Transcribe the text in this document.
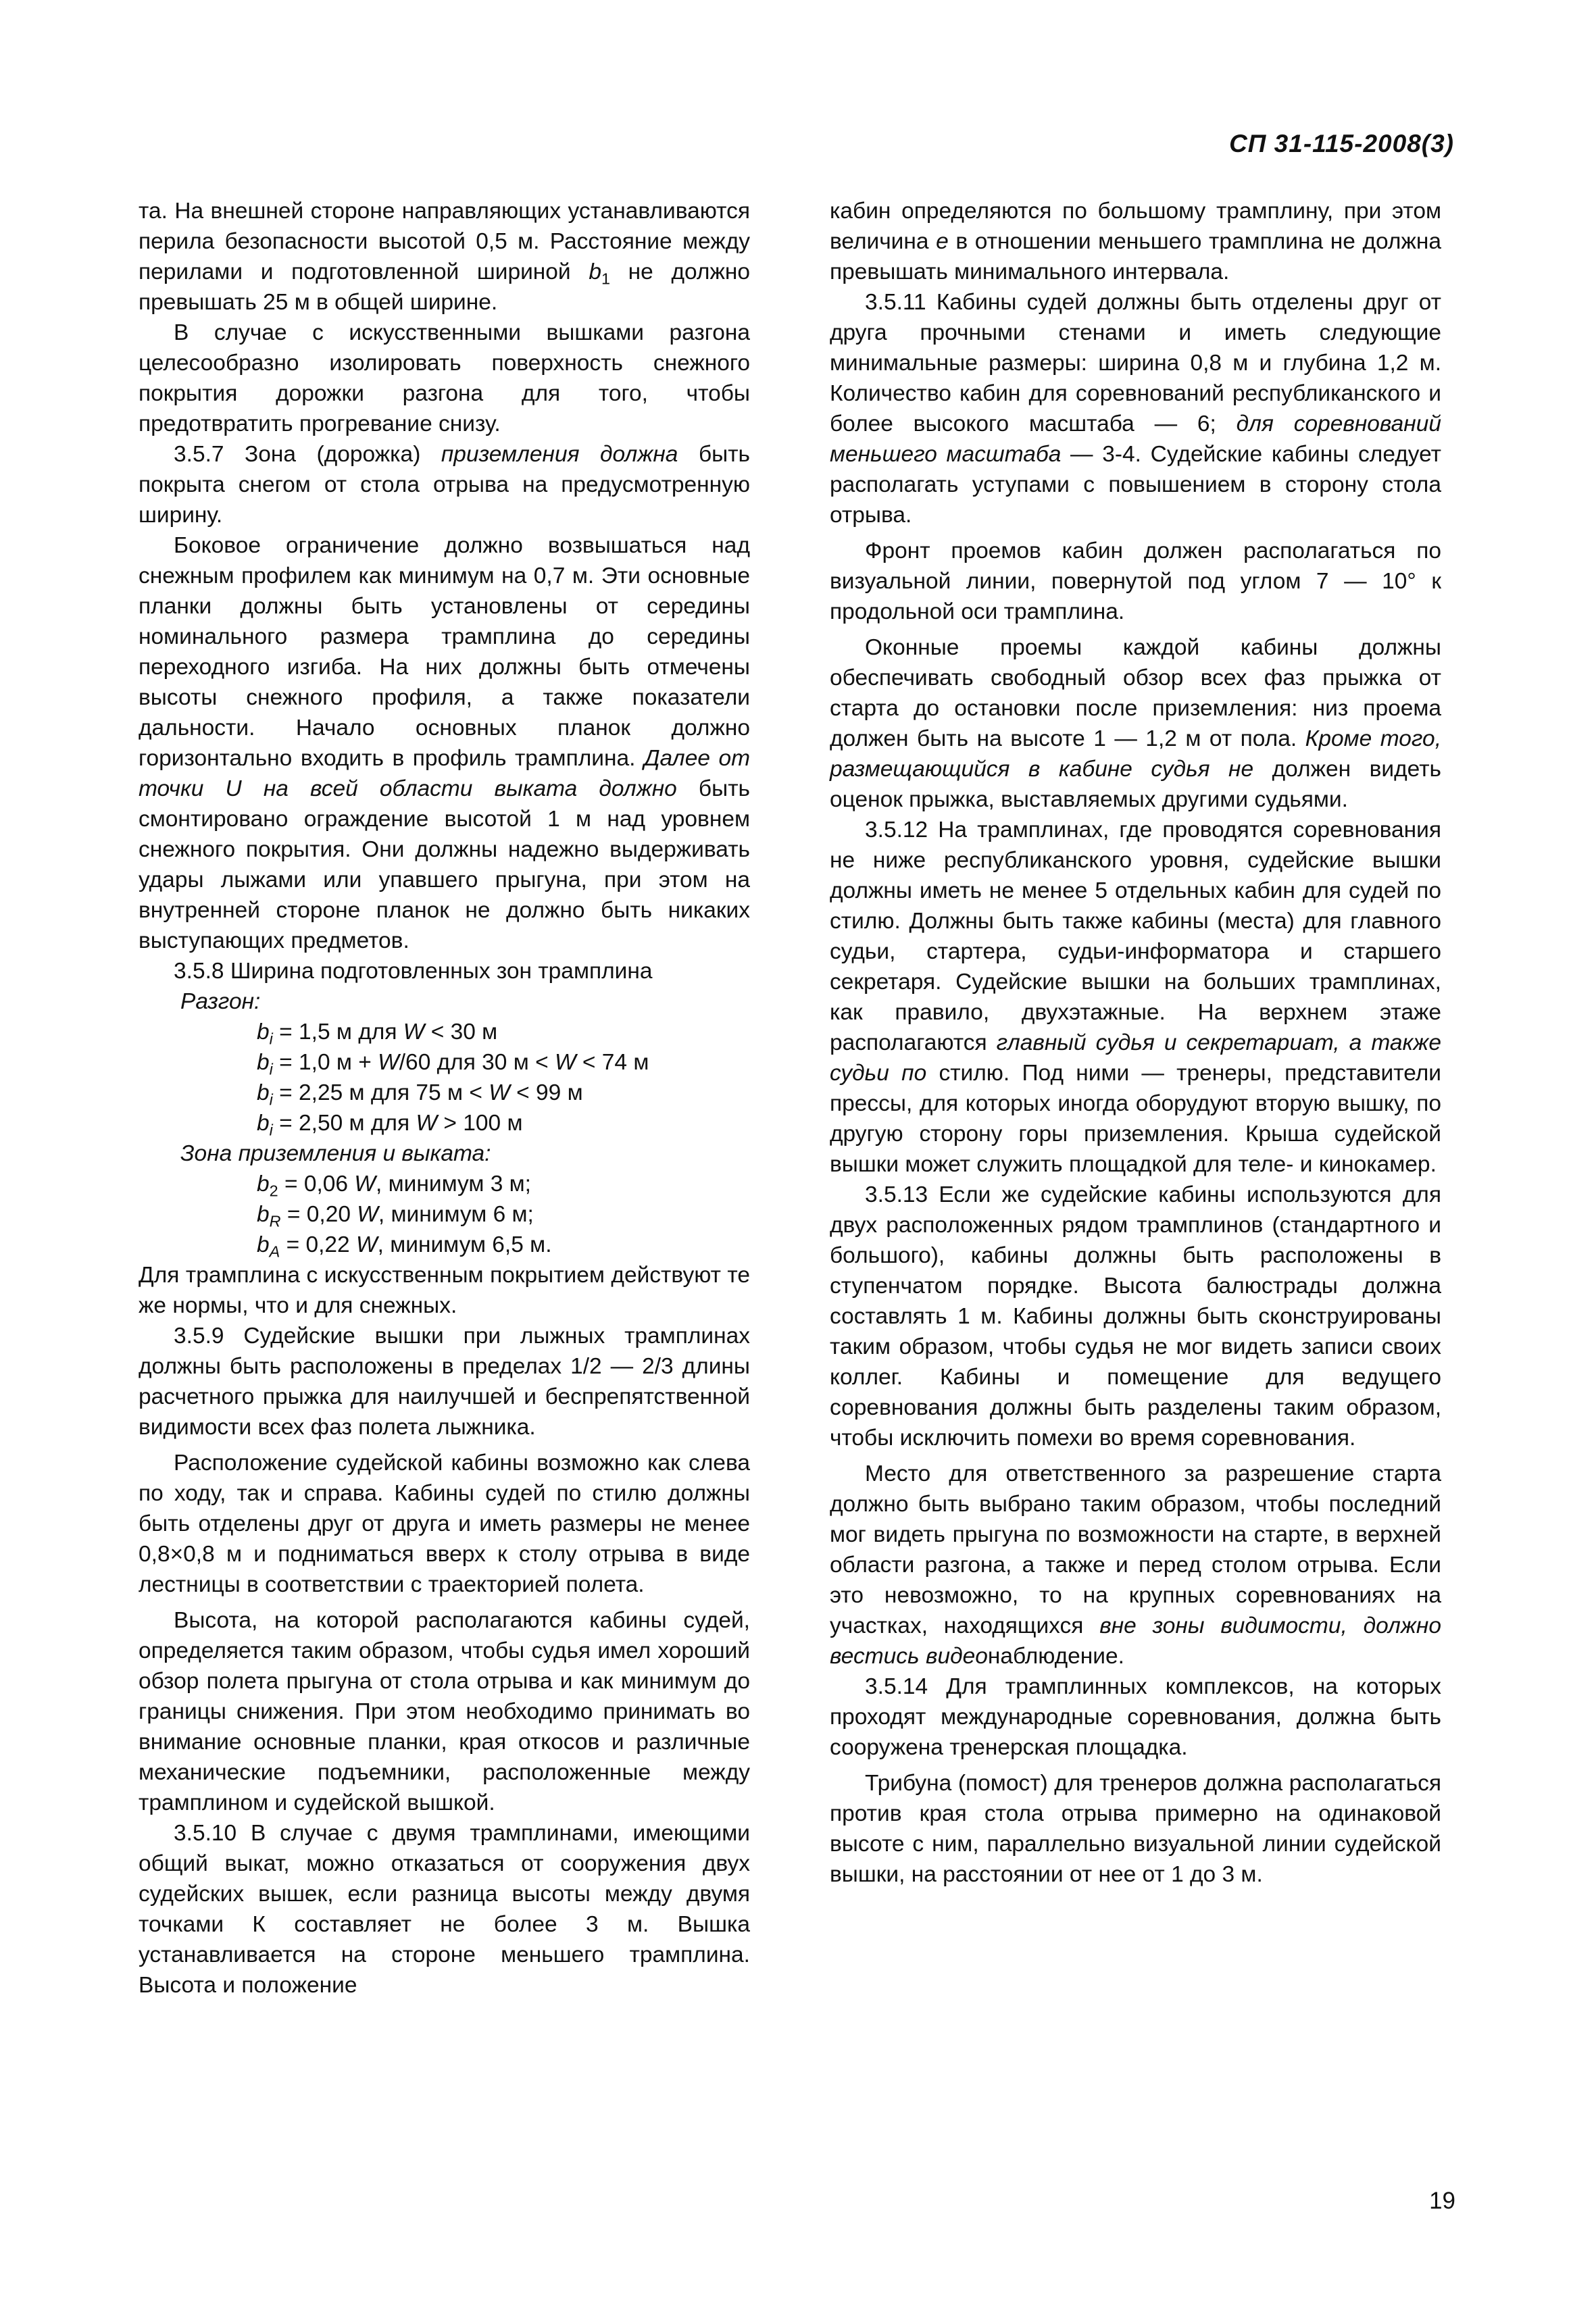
СП 31-115-2008(3)

та. На внешней стороне направляющих устанавливаются перила безопасности высотой 0,5 м. Расстояние между перилами и подготовленной шириной $b_1$ не должно превышать 25 м в общей ширине.

В случае с искусственными вышками разгона целесообразно изолировать поверхность снежного покрытия дорожки разгона для того, чтобы предотвратить прогревание снизу.

3.5.7 Зона (дорожка) приземления должна быть покрыта снегом от стола отрыва на предусмотренную ширину.

Боковое ограничение должно возвышаться над снежным профилем как минимум на 0,7 м. Эти основные планки должны быть установлены от середины номинального размера трамплина до середины переходного изгиба. На них должны быть отмечены высоты снежного профиля, а также показатели дальности. Начало основных планок должно горизонтально входить в профиль трамплина. Далее от точки U на всей области выката должно быть смонтировано ограждение высотой 1 м над уровнем снежного покрытия. Они должны надежно выдерживать удары лыжами или упавшего прыгуна, при этом на внутренней стороне планок не должно быть никаких выступающих предметов.

3.5.8 Ширина подготовленных зон трамплина

Разгон:

$b_i = 1,5$ м для W < 30 м

$b_i = 1,0$ м + W/60 для 30 м < W < 74 м

$b_i = 2,25$ м для 75 м < W < 99 м

$b_i = 2,50$ м для W > 100 м

Зона приземления и выката:

$b_2 = 0,06$ W, минимум 3 м;

$b_R = 0,20$ W, минимум 6 м;

$b_A = 0,22$ W, минимум 6,5 м.

Для трамплина с искусственным покрытием действуют те же нормы, что и для снежных.

3.5.9 Судейские вышки при лыжных трамплинах должны быть расположены в пределах 1/2 — 2/3 длины расчетного прыжка для наилучшей и беспрепятственной видимости всех фаз полета лыжника.

Расположение судейской кабины возможно как слева по ходу, так и справа. Кабины судей по стилю должны быть отделены друг от друга и иметь размеры не менее 0,8×0,8 м и подниматься вверх к столу отрыва в виде лестницы в соответствии с траекторией полета.

Высота, на которой располагаются кабины судей, определяется таким образом, чтобы судья имел хороший обзор полета прыгуна от стола отрыва и как минимум до границы снижения. При этом необходимо принимать во внимание основные планки, края откосов и различные механические подъемники, расположенные между трамплином и судейской вышкой.

3.5.10 В случае с двумя трамплинами, имеющими общий выкат, можно отказаться от сооружения двух судейских вышек, если разница высоты между двумя точками К составляет не более 3 м. Вышка устанавливается на стороне меньшего трамплина. Высота и положение

кабин определяются по большому трамплину, при этом величина e в отношении меньшего трамплина не должна превышать минимального интервала.

3.5.11 Кабины судей должны быть отделены друг от друга прочными стенами и иметь следующие минимальные размеры: ширина 0,8 м и глубина 1,2 м. Количество кабин для соревнований республиканского и более высокого масштаба — 6; для соревнований меньшего масштаба — 3-4. Судейские кабины следует располагать уступами с повышением в сторону стола отрыва.

Фронт проемов кабин должен располагаться по визуальной линии, повернутой под углом 7 — 10° к продольной оси трамплина.

Оконные проемы каждой кабины должны обеспечивать свободный обзор всех фаз прыжка от старта до остановки после приземления: низ проема должен быть на высоте 1 — 1,2 м от пола. Кроме того, размещающийся в кабине судья не должен видеть оценок прыжка, выставляемых другими судьями.

3.5.12 На трамплинах, где проводятся соревнования не ниже республиканского уровня, судейские вышки должны иметь не менее 5 отдельных кабин для судей по стилю. Должны быть также кабины (места) для главного судьи, стартера, судьи-информатора и старшего секретаря. Судейские вышки на больших трамплинах, как правило, двухэтажные. На верхнем этаже располагаются главный судья и секретариат, а также судьи по стилю. Под ними — тренеры, представители прессы, для которых иногда оборудуют вторую вышку, по другую сторону горы приземления. Крыша судейской вышки может служить площадкой для теле- и кинокамер.

3.5.13 Если же судейские кабины используются для двух расположенных рядом трамплинов (стандартного и большого), кабины должны быть расположены в ступенчатом порядке. Высота балюстрады должна составлять 1 м. Кабины должны быть сконструированы таким образом, чтобы судья не мог видеть записи своих коллег. Кабины и помещение для ведущего соревнования должны быть разделены таким образом, чтобы исключить помехи во время соревнования.

Место для ответственного за разрешение старта должно быть выбрано таким образом, чтобы последний мог видеть прыгуна по возможности на старте, в верхней области разгона, а также и перед столом отрыва. Если это невозможно, то на крупных соревнованиях на участках, находящихся вне зоны видимости, должно вестись видеонаблюдение.

3.5.14 Для трамплинных комплексов, на которых проходят международные соревнования, должна быть сооружена тренерская площадка.

Трибуна (помост) для тренеров должна располагаться против края стола отрыва примерно на одинаковой высоте с ним, параллельно визуальной линии судейской вышки, на расстоянии от нее от 1 до 3 м.

19
